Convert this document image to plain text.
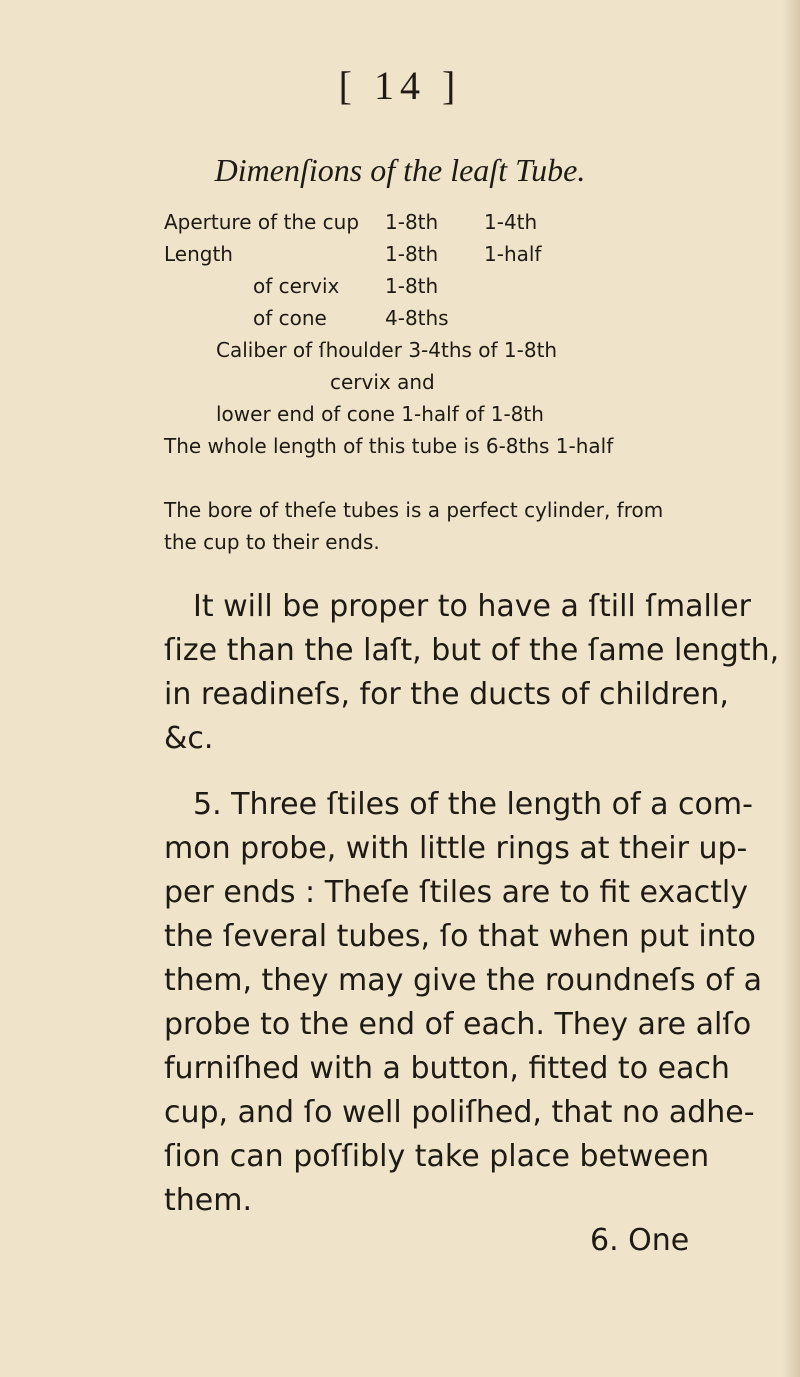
[ 14 ]
Dimenſions of the leaſt Tube.
Aperture of the cup 1-8th 1-4th
Length	1-8th 1-half
of cervix 1-8th
of cone	4-8ths
Caliber of ſhoulder 3-4ths of 1-8th
cervix and
lower end of cone 1-half of 1-8th
The whole length of this tube is 6-8ths 1-half
The bore of theſe tubes is a perfect cylinder, from
the cup to their ends.
It will be proper to have a ſtill ſmaller
ſize than the laſt, but of the ſame length,
in readineſs, for the ducts of children,
&c.
5. Three ſtiles of the length of a com-
mon probe, with little rings at their up-
per ends : Theſe ſtiles are to fit exactly
the ſeveral tubes, ſo that when put into
them, they may give the roundneſs of a
probe to the end of each. They are alſo
furniſhed with a button, fitted to each
cup, and ſo well poliſhed, that no adhe-
ſion can poſſibly take place between
them.
6. One
